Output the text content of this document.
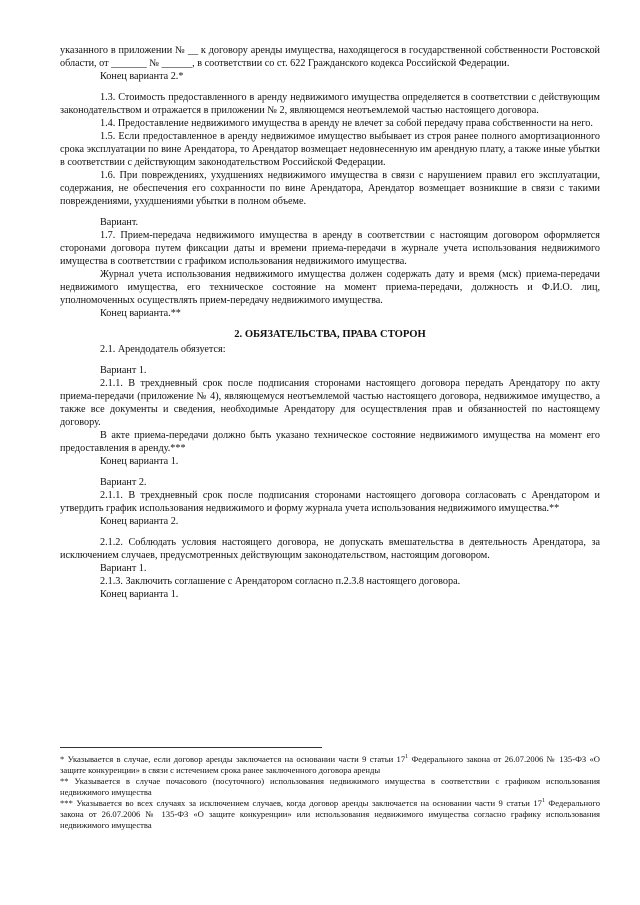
указанного в приложении № __ к договору аренды имущества, находящегося в государственной собственности Ростовской области, от _______ № ______, в соответствии со ст. 622 Гражданского кодекса Российской Федерации.

Конец варианта 2.*

1.3. Стоимость предоставленного в аренду недвижимого имущества определяется в соответствии с действующим законодательством и отражается в приложении № 2, являющемся неотъемлемой частью настоящего договора.

1.4. Предоставление недвижимого имущества в аренду не влечет за собой передачу права собственности на него.

1.5. Если предоставленное в аренду недвижимое имущество выбывает из строя ранее полного амортизационного срока эксплуатации по вине Арендатора, то Арендатор возмещает недовнесенную им арендную плату, а также иные убытки в соответствии с действующим законодательством Российской Федерации.

1.6. При повреждениях, ухудшениях недвижимого имущества в связи с нарушением правил его эксплуатации, содержания, не обеспечения его сохранности по вине Арендатора, Арендатор возмещает возникшие в связи с такими повреждениями, ухудшениями убытки в полном объеме.

Вариант.

1.7. Прием-передача недвижимого имущества в аренду в соответствии с настоящим договором оформляется сторонами договора путем фиксации даты и времени приема-передачи в журнале учета использования недвижимого имущества в соответствии с графиком использования недвижимого имущества.

Журнал учета использования недвижимого имущества должен содержать дату и время (мск) приема-передачи недвижимого имущества, его техническое состояние на момент приема-передачи, должность и Ф.И.О. лиц, уполномоченных осуществлять прием-передачу недвижимого имущества.

Конец варианта.**

2. ОБЯЗАТЕЛЬСТВА, ПРАВА СТОРОН

2.1. Арендодатель обязуется:

Вариант 1.

2.1.1. В трехдневный срок после подписания сторонами настоящего договора передать Арендатору по акту приема-передачи (приложение № 4), являющемуся неотъемлемой частью настоящего договора, недвижимое имущество, а также все документы и сведения, необходимые Арендатору для осуществления прав и обязанностей по настоящему договору.

В акте приема-передачи должно быть указано техническое состояние недвижимого имущества на момент его предоставления в аренду.***

Конец варианта 1.

Вариант 2.

2.1.1. В трехдневный срок после подписания сторонами настоящего договора согласовать с Арендатором и утвердить график использования недвижимого и форму журнала учета использования недвижимого имущества.**

Конец варианта 2.

2.1.2. Соблюдать условия настоящего договора, не допускать вмешательства в деятельность Арендатора, за исключением случаев, предусмотренных действующим законодательством, настоящим договором.

Вариант 1.

2.1.3. Заключить соглашение с Арендатором согласно п.2.3.8 настоящего договора.

Конец варианта 1.

* Указывается в случае, если договор аренды заключается на основании части 9 статьи $17^1$ Федерального закона от 26.07.2006 № 135-ФЗ «О защите конкуренции» в связи с истечением срока ранее заключенного договора аренды

** Указывается в случае почасового (посуточного) использования недвижимого имущества в соответствии с графиком использования недвижимого имущества

*** Указывается во всех случаях за исключением случаев, когда договор аренды заключается на основании части 9 статьи $17^1$ Федерального закона от 26.07.2006 № 135-ФЗ «О защите конкуренции» или использования недвижимого имущества согласно графику использования недвижимого имущества
